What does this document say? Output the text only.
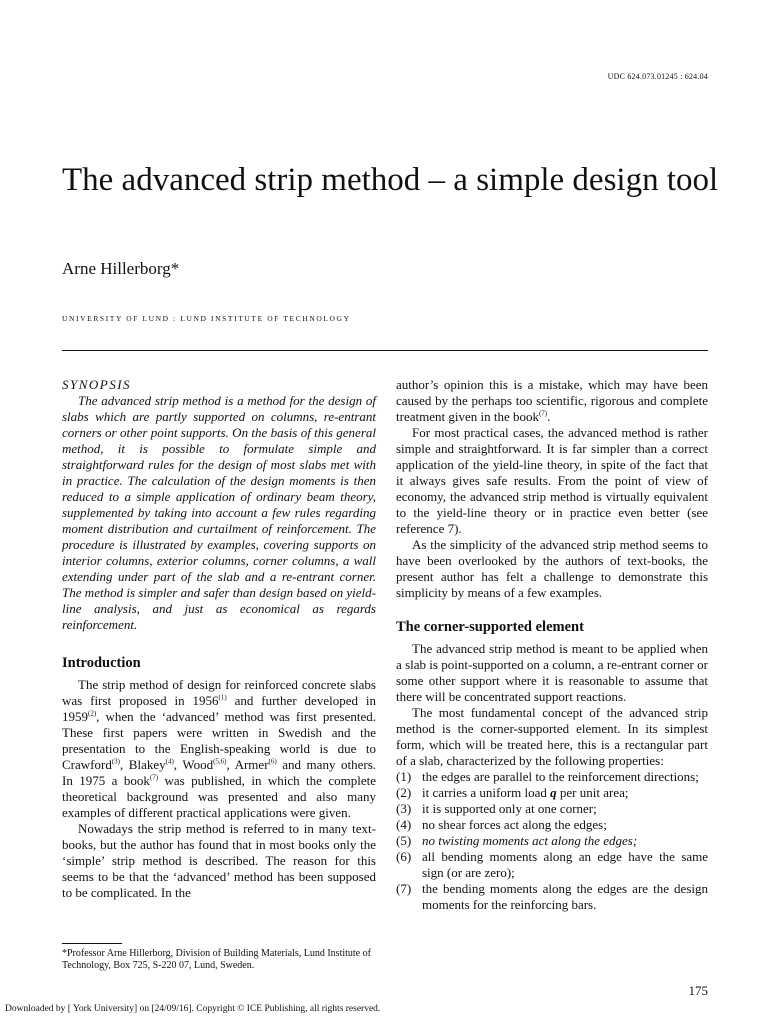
UDC 624.073.01245 : 624.04
The advanced strip method – a simple design tool
Arne Hillerborg*
UNIVERSITY OF LUND : LUND INSTITUTE OF TECHNOLOGY

SYNOPSIS

The advanced strip method is a method for the design of slabs which are partly supported on columns, re-entrant corners or other point supports. On the basis of this general method, it is possible to formulate simple and straightforward rules for the design of most slabs met with in practice. The calculation of the design moments is then reduced to a simple application of ordinary beam theory, supplemented by taking into account a few rules regarding moment distribution and curtailment of reinforcement. The procedure is illustrated by examples, covering supports on interior columns, exterior columns, corner columns, a wall extending under part of the slab and a re-entrant corner. The method is simpler and safer than design based on yield-line analysis, and just as economical as regards reinforcement.

Introduction

The strip method of design for reinforced concrete slabs was first proposed in 1956$^{(1)}$ and further developed in 1959$^{(2)}$, when the ‘advanced’ method was first presented. These first papers were written in Swedish and the presentation to the English-speaking world is due to Crawford$^{(3)}$, Blakey$^{(4)}$, Wood$^{(5,6)}$, Armer$^{(6)}$ and many others. In 1975 a book$^{(7)}$ was published, in which the complete theoretical background was presented and also many examples of different practical applications were given.

Nowadays the strip method is referred to in many text-books, but the author has found that in most books only the ‘simple’ strip method is described. The reason for this seems to be that the ‘advanced’ method has been supposed to be complicated. In the

author’s opinion this is a mistake, which may have been caused by the perhaps too scientific, rigorous and complete treatment given in the book$^{(7)}$.

For most practical cases, the advanced method is rather simple and straightforward. It is far simpler than a correct application of the yield-line theory, in spite of the fact that it always gives safe results. From the point of view of economy, the advanced strip method is virtually equivalent to the yield-line theory or in practice even better (see reference 7).

As the simplicity of the advanced strip method seems to have been overlooked by the authors of text-books, the present author has felt a challenge to demonstrate this simplicity by means of a few examples.

The corner-supported element

The advanced strip method is meant to be applied when a slab is point-supported on a column, a re-entrant corner or some other support where it is reasonable to assume that there will be concentrated support reactions.

The most fundamental concept of the advanced strip method is the corner-supported element. In its simplest form, which will be treated here, this is a rectangular part of a slab, characterized by the following properties:

(1) the edges are parallel to the reinforcement directions;
(2) it carries a uniform load q per unit area;
(3) it is supported only at one corner;
(4) no shear forces act along the edges;
(5) no twisting moments act along the edges;
(6) all bending moments along an edge have the same sign (or are zero);
(7) the bending moments along the edges are the design moments for the reinforcing bars.
*Professor Arne Hillerborg, Division of Building Materials, Lund Institute of Technology, Box 725, S-220 07, Lund, Sweden.
175
Downloaded by [ York University] on [24/09/16]. Copyright © ICE Publishing, all rights reserved.
